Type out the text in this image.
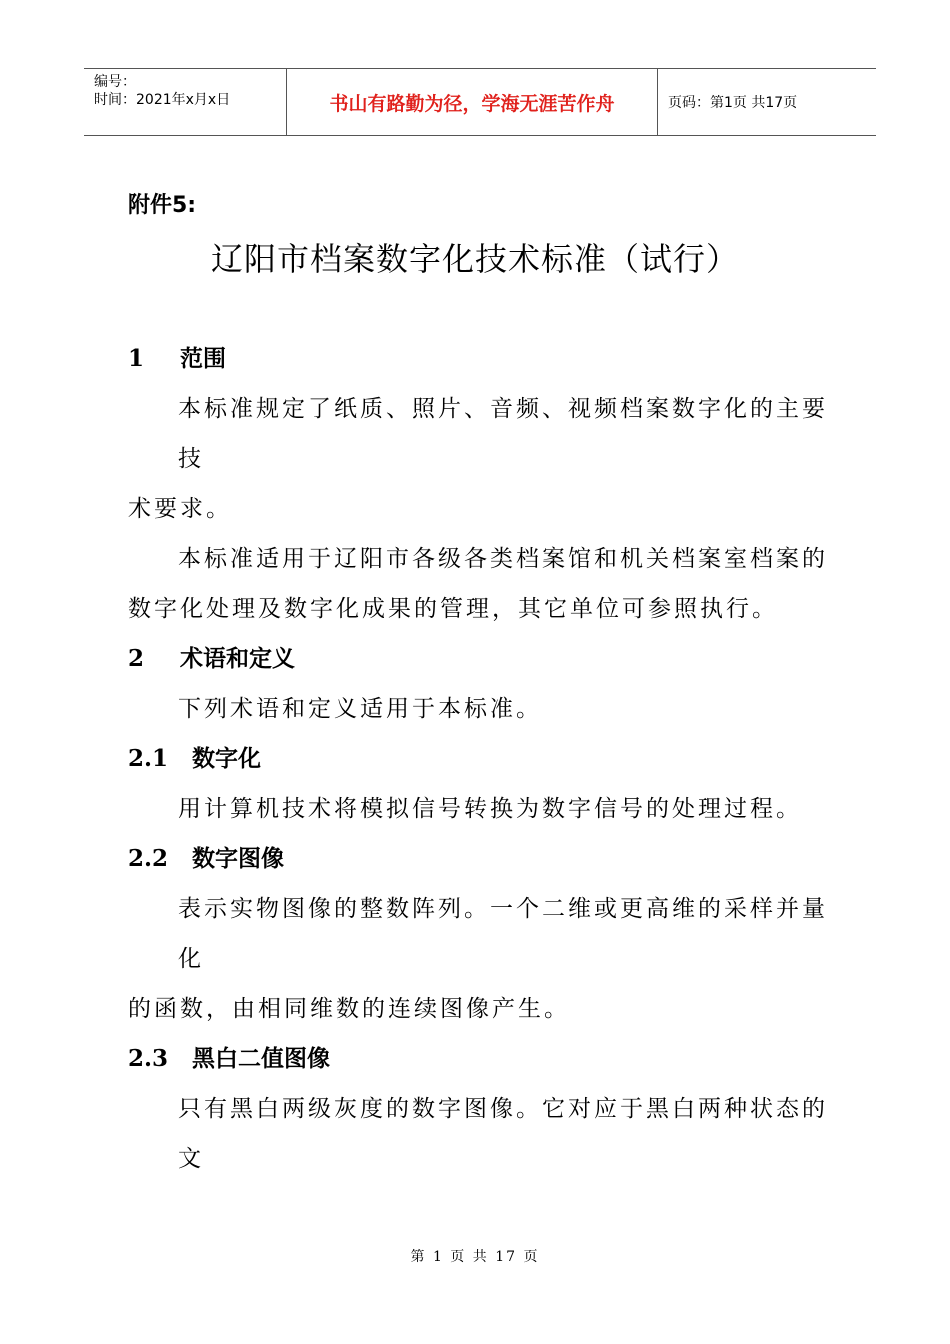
编号：
时间：2021年x月x日	书山有路勤为径，学海无涯苦作舟	页码：第1页 共17页
附件5:
辽阳市档案数字化技术标准（试行）
1 范围
本标准规定了纸质、照片、音频、视频档案数字化的主要
技
术要求。
本标准适用于辽阳市各级各类档案馆和机关档案室档案的
数字化处理及数字化成果的管理，其它单位可参照执行。
2 术语和定义
下列术语和定义适用于本标准。
2.1 数字化
用计算机技术将模拟信号转换为数字信号的处理过程。
2.2 数字图像
表示实物图像的整数阵列。一个二维或更高维的采样并量
化
的函数，由相同维数的连续图像产生。
2.3 黑白二值图像
只有黑白两级灰度的数字图像。它对应于黑白两种状态的
文
第 1 页 共 17 页
